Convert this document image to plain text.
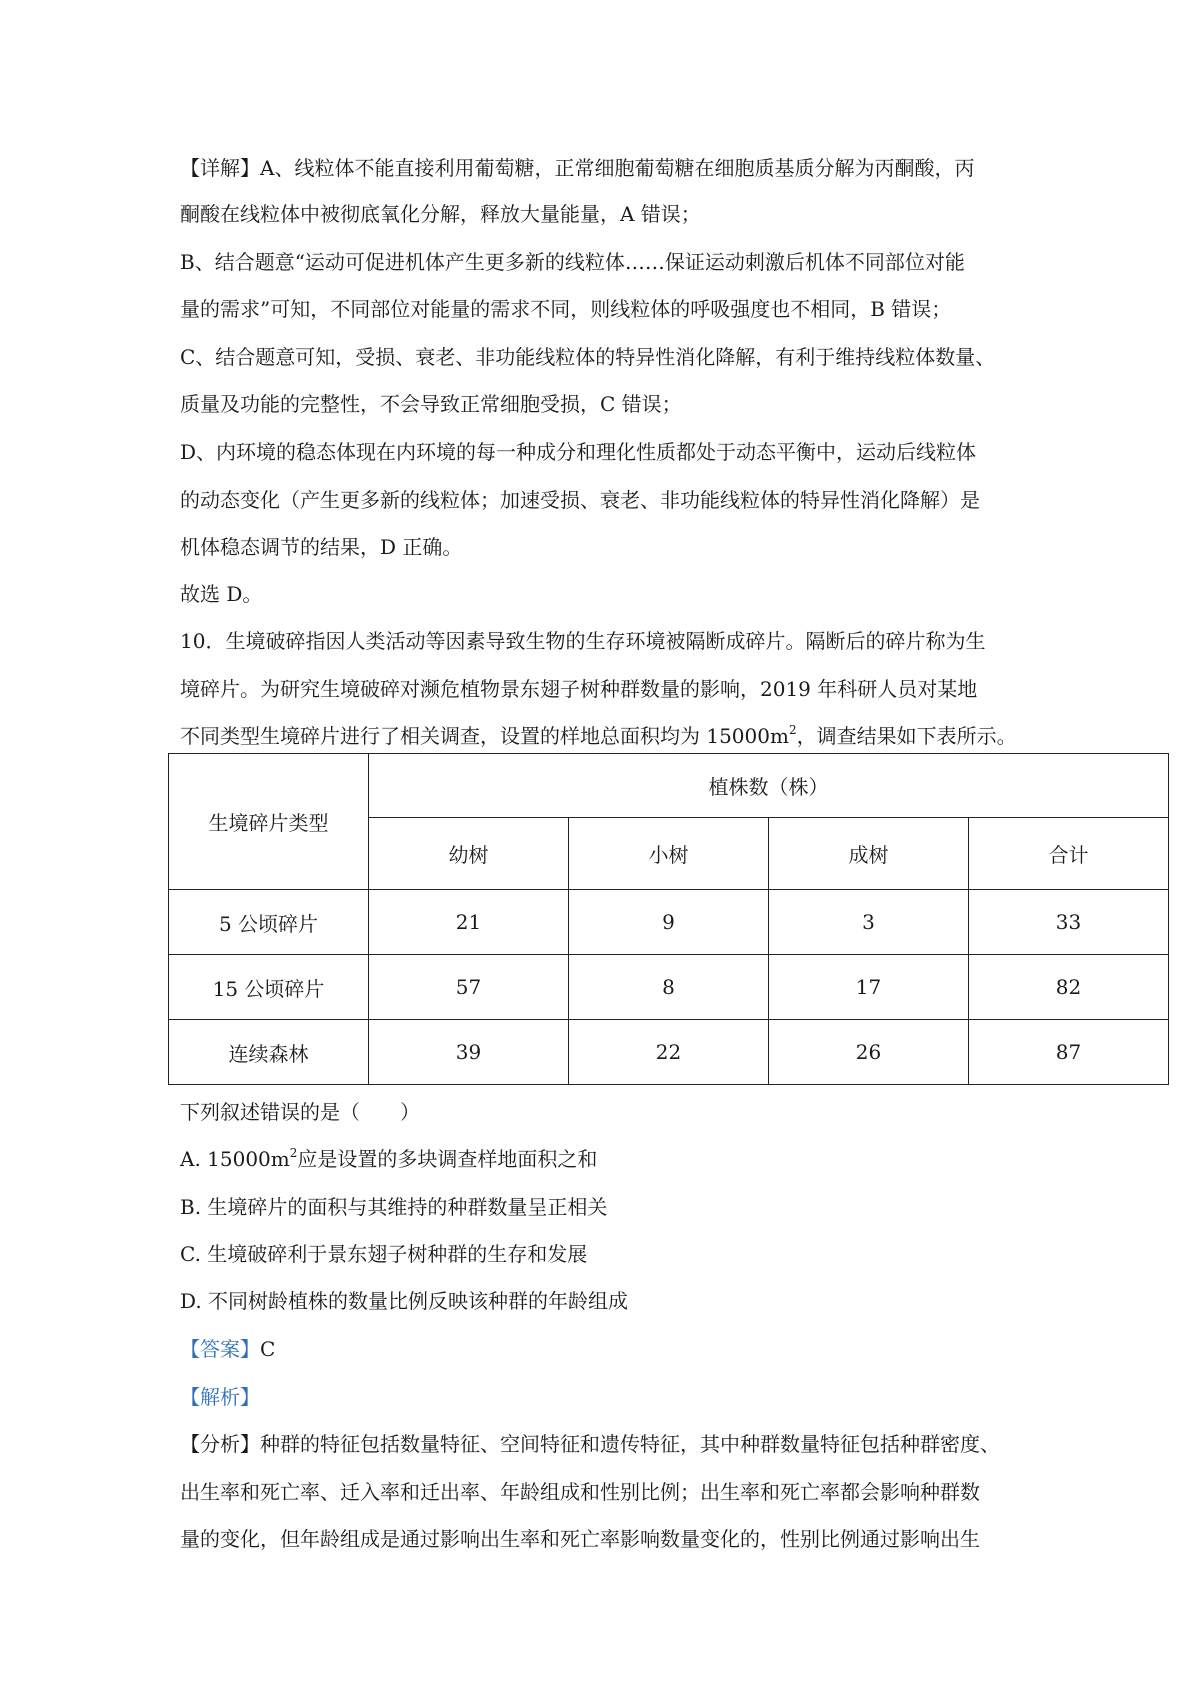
【详解】A、线粒体不能直接利用葡萄糖，正常细胞葡萄糖在细胞质基质分解为丙酮酸，丙

酮酸在线粒体中被彻底氧化分解，释放大量能量，A 错误；

B、结合题意“运动可促进机体产生更多新的线粒体……保证运动刺激后机体不同部位对能

量的需求”可知，不同部位对能量的需求不同，则线粒体的呼吸强度也不相同，B 错误；

C、结合题意可知，受损、衰老、非功能线粒体的特异性消化降解，有利于维持线粒体数量、

质量及功能的完整性，不会导致正常细胞受损，C 错误；

D、内环境的稳态体现在内环境的每一种成分和理化性质都处于动态平衡中，运动后线粒体

的动态变化（产生更多新的线粒体；加速受损、衰老、非功能线粒体的特异性消化降解）是

机体稳态调节的结果，D 正确。

故选 D。

10．生境破碎指因人类活动等因素导致生物的生存环境被隔断成碎片。隔断后的碎片称为生

境碎片。为研究生境破碎对濒危植物景东翅子树种群数量的影响，2019 年科研人员对某地

不同类型生境碎片进行了相关调查，设置的样地总面积均为 $15000m^2$，调查结果如下表所示。

生境碎片类型	植株数（株）			
	幼树	小树	成树	合计
5 公顷碎片	21	9	3	33
15 公顷碎片	57	8	17	82
连续森林	39	22	26	87

下列叙述错误的是（　　）

A. $15000m^2$应是设置的多块调查样地面积之和

B. 生境碎片的面积与其维持的种群数量呈正相关

C. 生境破碎利于景东翅子树种群的生存和发展

D. 不同树龄植株的数量比例反映该种群的年龄组成

【答案】C

【解析】

【分析】种群的特征包括数量特征、空间特征和遗传特征，其中种群数量特征包括种群密度、

出生率和死亡率、迁入率和迁出率、年龄组成和性别比例；出生率和死亡率都会影响种群数

量的变化，但年龄组成是通过影响出生率和死亡率影响数量变化的，性别比例通过影响出生
